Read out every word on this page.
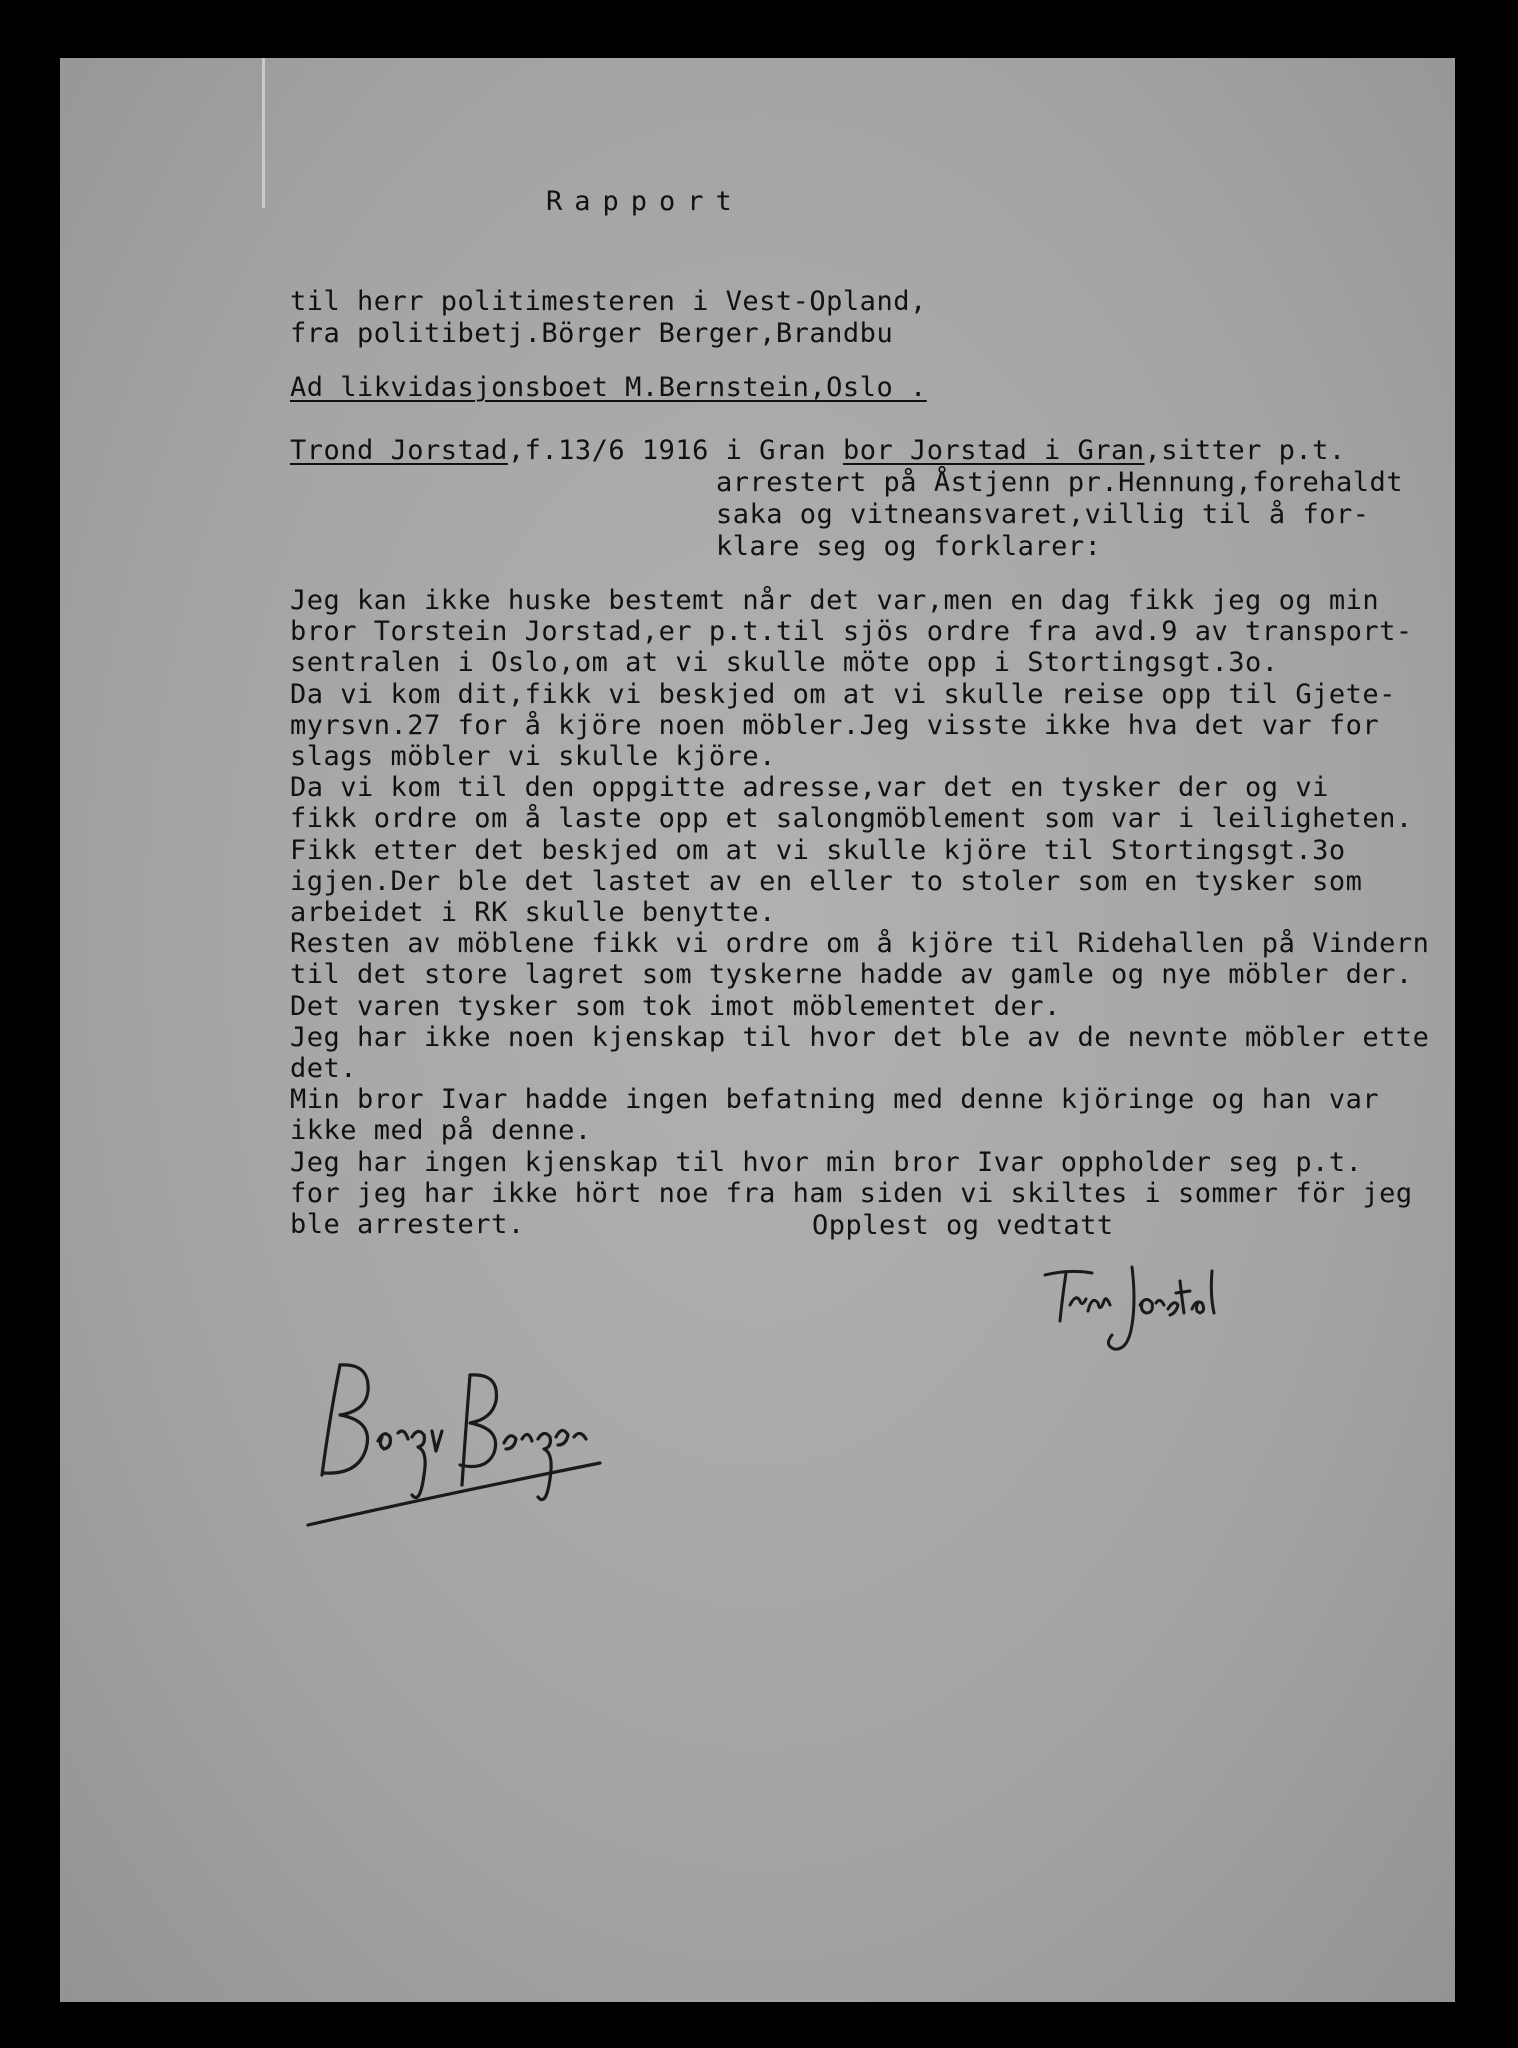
Rapport
til herr politimesteren i Vest-Opland,
fra politibetj.Börger Berger,Brandbu
Ad likvidasjonsboet M.Bernstein,Oslo .
Trond Jorstad,f.13/6 1916 i Gran bor Jorstad i Gran,sitter p.t.
arrestert på Åstjenn pr.Hennung,forehaldt
saka og vitneansvaret,villig til å for-
klare seg og forklarer:
Jeg kan ikke huske bestemt når det var,men en dag fikk jeg og min
bror Torstein Jorstad,er p.t.til sjös ordre fra avd.9 av transport-
sentralen i Oslo,om at vi skulle möte opp i Stortingsgt.3o.
Da vi kom dit,fikk vi beskjed om at vi skulle reise opp til Gjete-
myrsvn.27 for å kjöre noen möbler.Jeg visste ikke hva det var for
slags möbler vi skulle kjöre.
Da vi kom til den oppgitte adresse,var det en tysker der og vi
fikk ordre om å laste opp et salongmöblement som var i leiligheten.
Fikk etter det beskjed om at vi skulle kjöre til Stortingsgt.3o
igjen.Der ble det lastet av en eller to stoler som en tysker som
arbeidet i RK skulle benytte.
Resten av möblene fikk vi ordre om å kjöre til Ridehallen på Vindern
til det store lagret som tyskerne hadde av gamle og nye möbler der.
Det varen tysker som tok imot möblementet der.
Jeg har ikke noen kjenskap til hvor det ble av de nevnte möbler ette
det.
Min bror Ivar hadde ingen befatning med denne kjöringe og han var
ikke med på denne.
Jeg har ingen kjenskap til hvor min bror Ivar oppholder seg p.t.
for jeg har ikke hört noe fra ham siden vi skiltes i sommer för jeg
ble arrestert.	Opplest og vedtatt
